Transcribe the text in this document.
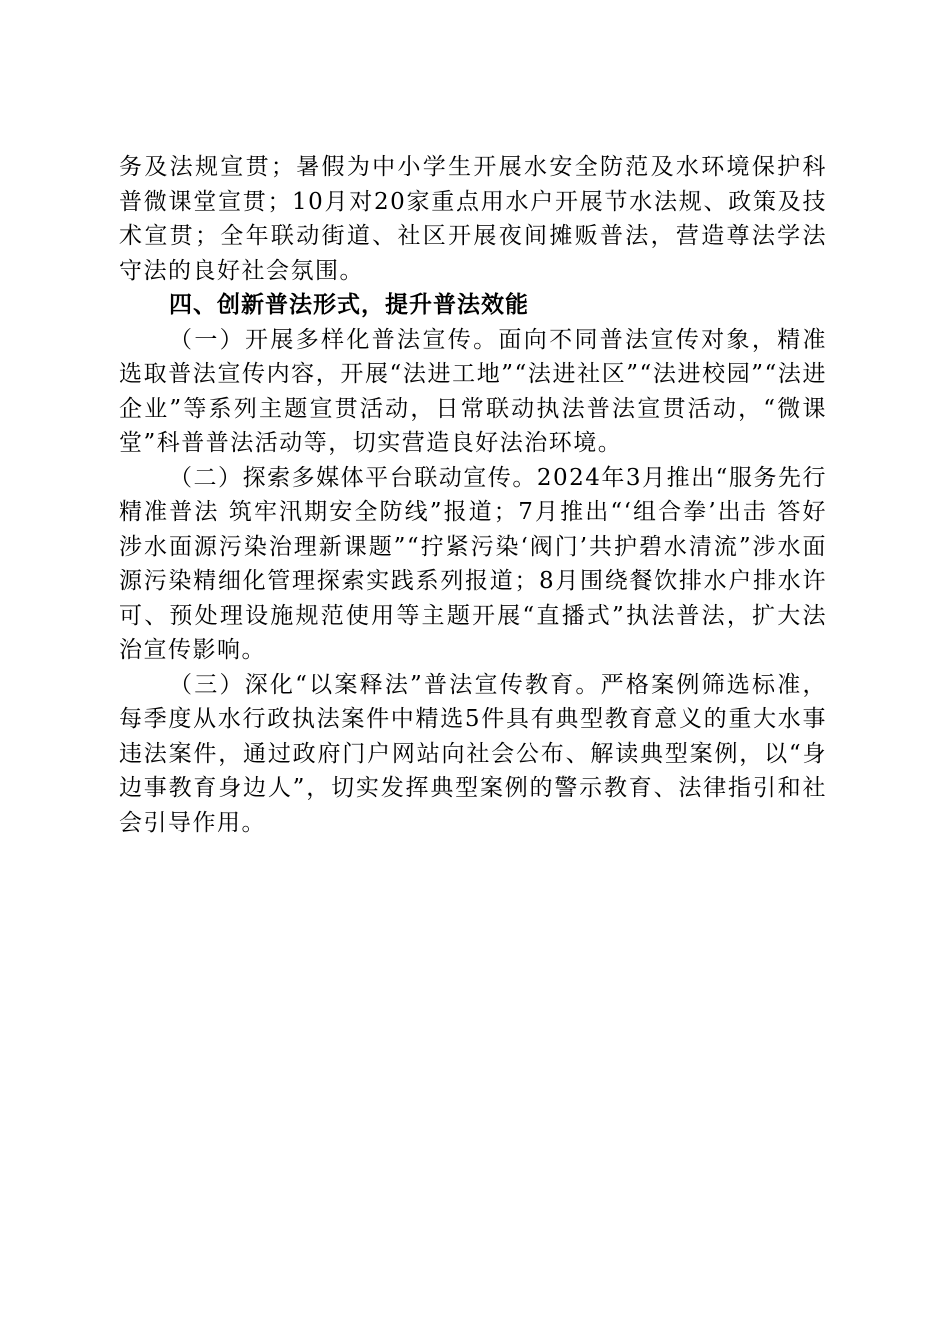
务及法规宣贯；暑假为中小学生开展水安全防范及水环境保护科普微课堂宣贯；10月对20家重点用水户开展节水法规、政策及技术宣贯；全年联动街道、社区开展夜间摊贩普法，营造尊法学法守法的良好社会氛围。

四、创新普法形式，提升普法效能

（一）开展多样化普法宣传。面向不同普法宣传对象，精准选取普法宣传内容，开展“法进工地”“法进社区”“法进校园”“法进企业”等系列主题宣贯活动，日常联动执法普法宣贯活动，“微课堂”科普普法活动等，切实营造良好法治环境。

（二）探索多媒体平台联动宣传。2024年3月推出“服务先行精准普法 筑牢汛期安全防线”报道；7月推出“‘组合拳’出击 答好涉水面源污染治理新课题”“拧紧污染‘阀门’共护碧水清流”涉水面源污染精细化管理探索实践系列报道；8月围绕餐饮排水户排水许可、预处理设施规范使用等主题开展“直播式”执法普法，扩大法治宣传影响。

（三）深化“以案释法”普法宣传教育。严格案例筛选标准，每季度从水行政执法案件中精选5件具有典型教育意义的重大水事违法案件，通过政府门户网站向社会公布、解读典型案例，以“身边事教育身边人”，切实发挥典型案例的警示教育、法律指引和社会引导作用。
